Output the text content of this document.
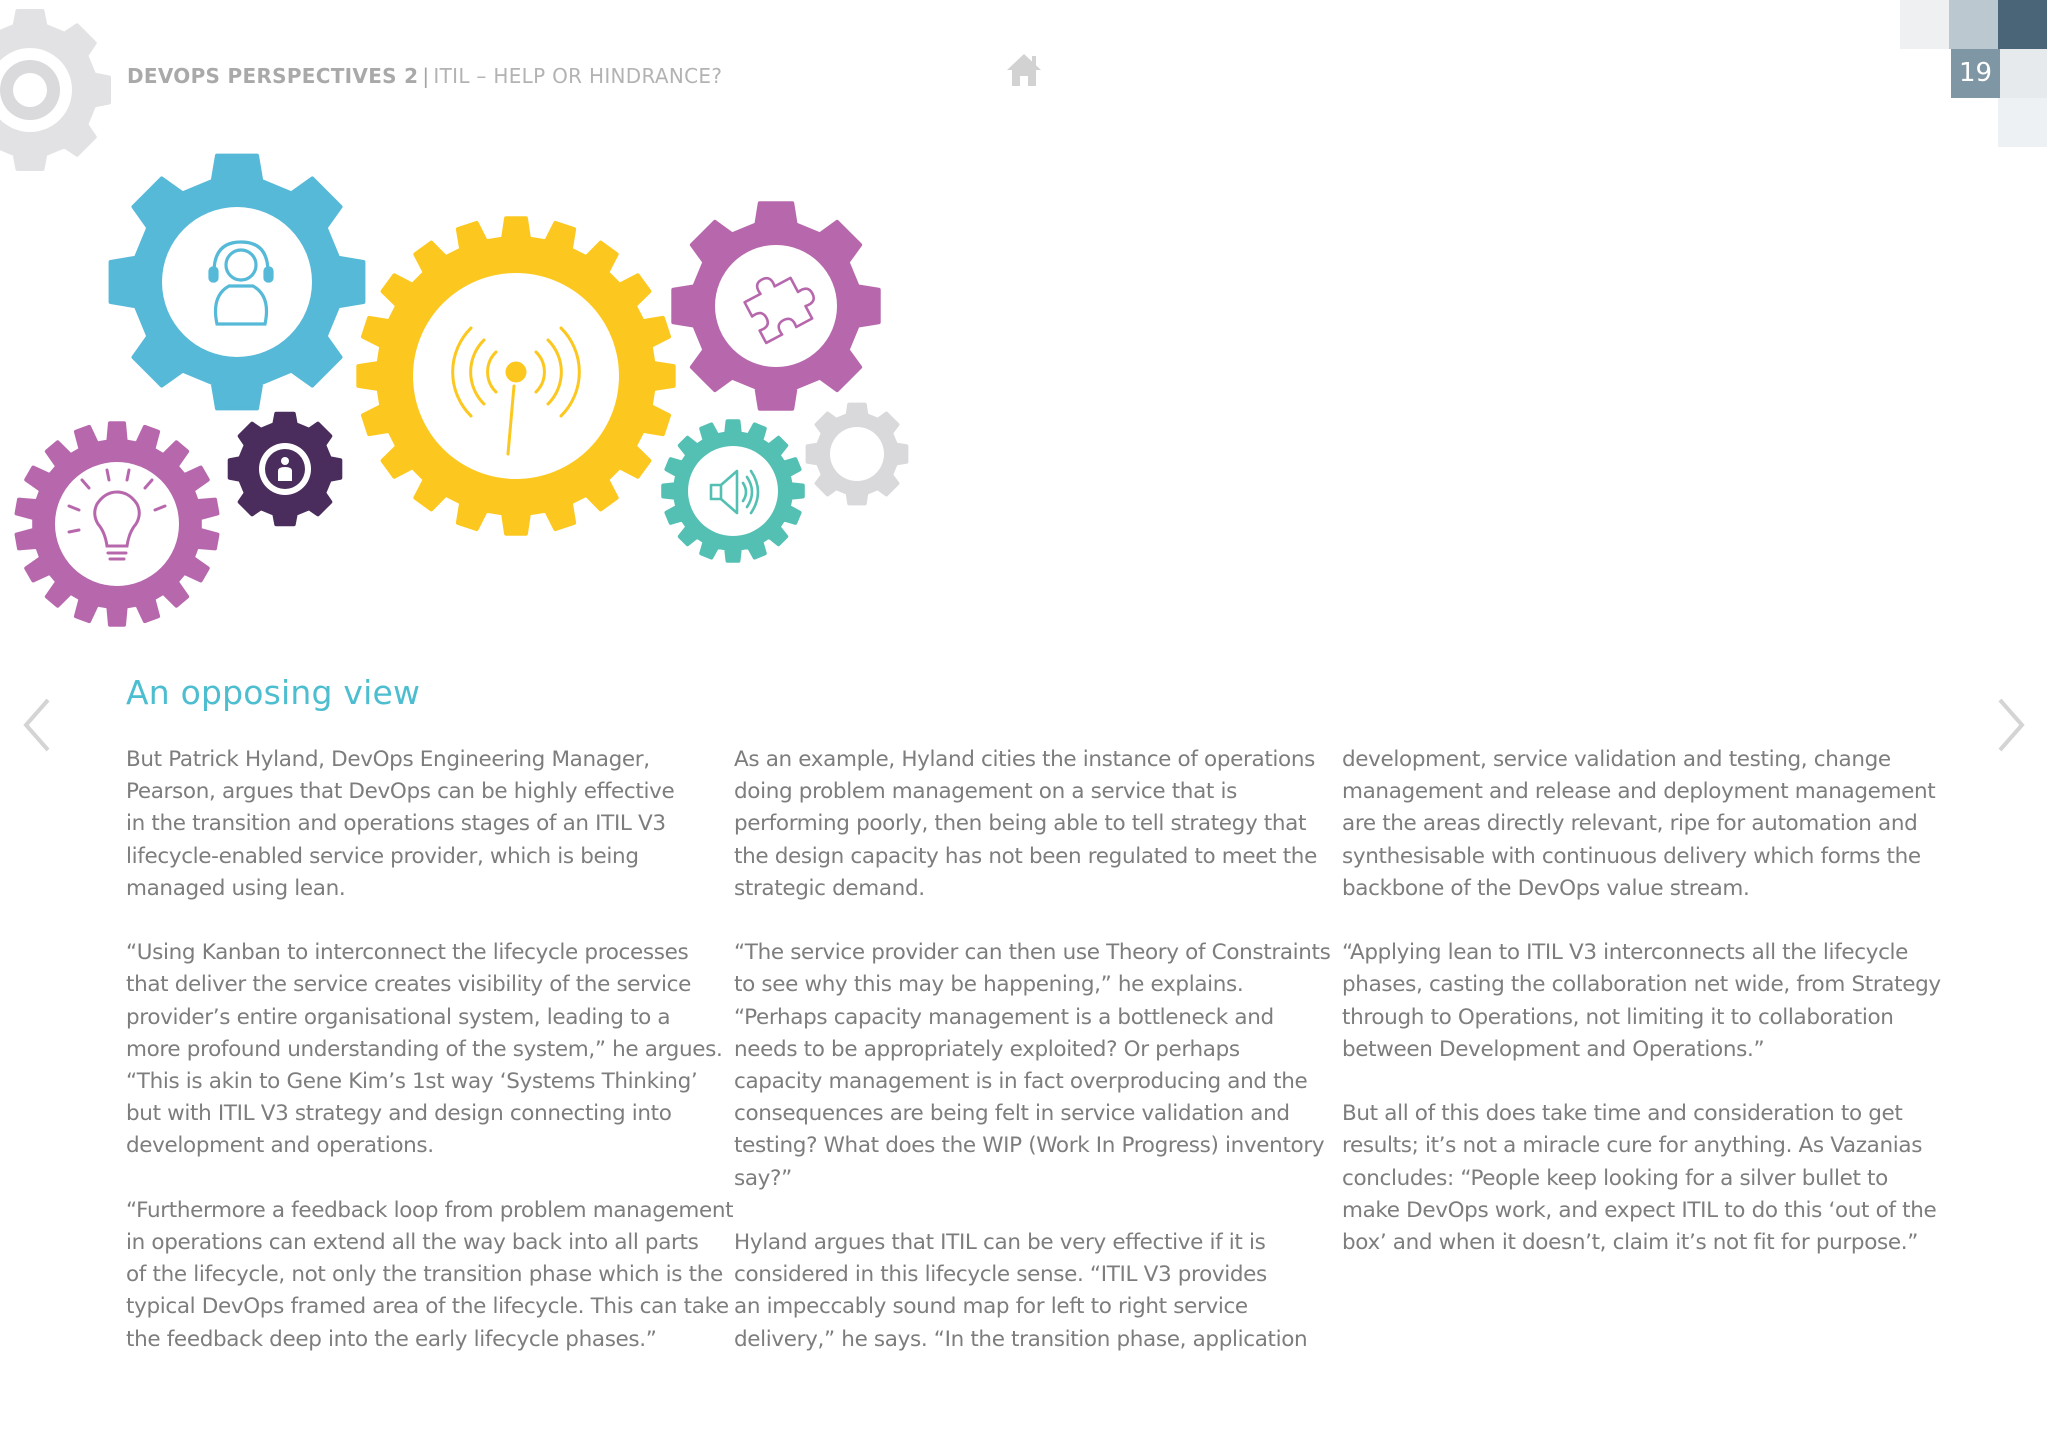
DEVOPS PERSPECTIVES 2 | ITIL – HELP OR HINDRANCE?	19
An opposing view

But Patrick Hyland, DevOps Engineering Manager,
Pearson, argues that DevOps can be highly effective
in the transition and operations stages of an ITIL V3
lifecycle-enabled service provider, which is being
managed using lean.

“Using Kanban to interconnect the lifecycle processes
that deliver the service creates visibility of the service
provider’s entire organisational system, leading to a
more profound understanding of the system,” he argues.
“This is akin to Gene Kim’s 1st way ‘Systems Thinking’
but with ITIL V3 strategy and design connecting into
development and operations.

“Furthermore a feedback loop from problem management
in operations can extend all the way back into all parts
of the lifecycle, not only the transition phase which is the
typical DevOps framed area of the lifecycle. This can take
the feedback deep into the early lifecycle phases.”

As an example, Hyland cities the instance of operations
doing problem management on a service that is
performing poorly, then being able to tell strategy that
the design capacity has not been regulated to meet the
strategic demand.

“The service provider can then use Theory of Constraints
to see why this may be happening,” he explains.
“Perhaps capacity management is a bottleneck and
needs to be appropriately exploited? Or perhaps
capacity management is in fact overproducing and the
consequences are being felt in service validation and
testing? What does the WIP (Work In Progress) inventory
say?”

Hyland argues that ITIL can be very effective if it is
considered in this lifecycle sense. “ITIL V3 provides
an impeccably sound map for left to right service
delivery,” he says. “In the transition phase, application

development, service validation and testing, change
management and release and deployment management
are the areas directly relevant, ripe for automation and
synthesisable with continuous delivery which forms the
backbone of the DevOps value stream.

“Applying lean to ITIL V3 interconnects all the lifecycle
phases, casting the collaboration net wide, from Strategy
through to Operations, not limiting it to collaboration
between Development and Operations.”

But all of this does take time and consideration to get
results; it’s not a miracle cure for anything. As Vazanias
concludes: “People keep looking for a silver bullet to
make DevOps work, and expect ITIL to do this ‘out of the
box’ and when it doesn’t, claim it’s not fit for purpose.”
